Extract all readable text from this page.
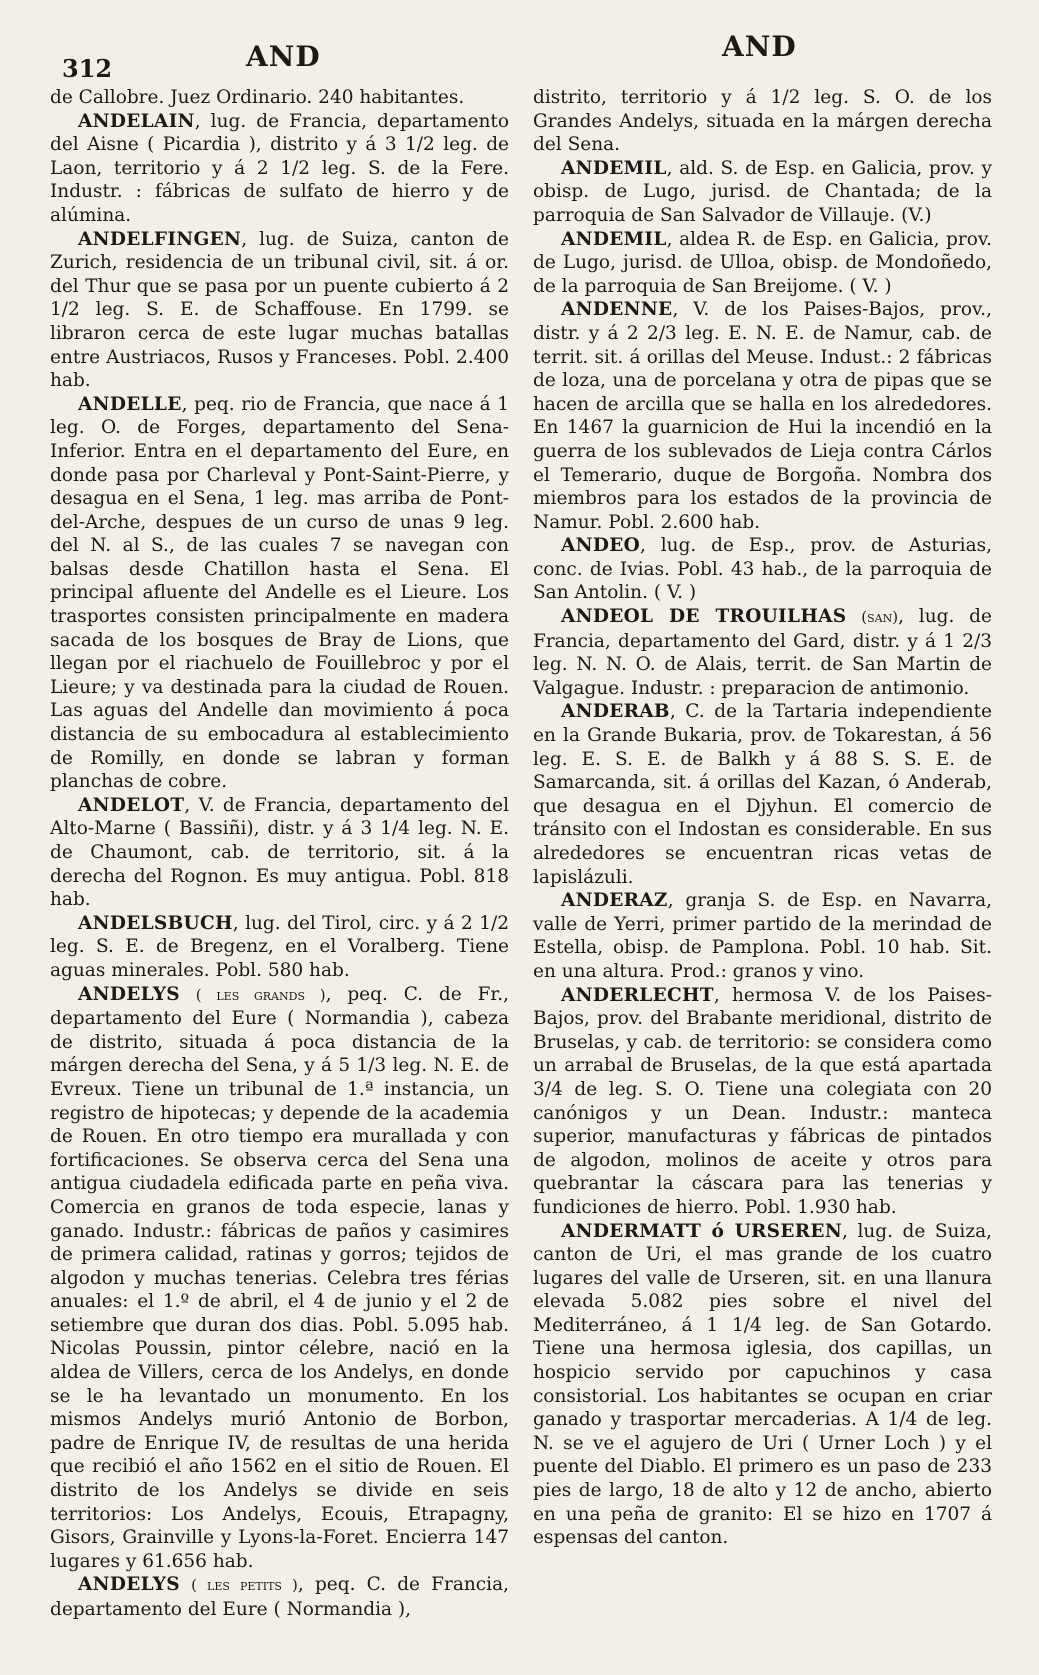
312	AND	AND

de Callobre. Juez Ordinario. 240 habitantes.

ANDELAIN, lug. de Francia, departamento del Aisne ( Picardia ), distrito y á 3 1/2 leg. de Laon, territorio y á 2 1/2 leg. S. de la Fere. Industr. : fábricas de sulfato de hierro y de alúmina.

ANDELFINGEN, lug. de Suiza, canton de Zurich, residencia de un tribunal civil, sit. á or. del Thur que se pasa por un puente cubierto á 2 1/2 leg. S. E. de Schaffouse. En 1799. se libraron cerca de este lugar muchas batallas entre Austriacos, Rusos y Franceses. Pobl. 2.400 hab.

ANDELLE, peq. rio de Francia, que nace á 1 leg. O. de Forges, departamento del Sena-Inferior. Entra en el departamento del Eure, en donde pasa por Charleval y Pont-Saint-Pierre, y desagua en el Sena, 1 leg. mas arriba de Pont-del-Arche, despues de un curso de unas 9 leg. del N. al S., de las cuales 7 se navegan con balsas desde Chatillon hasta el Sena. El principal afluente del Andelle es el Lieure. Los trasportes consisten principalmente en madera sacada de los bosques de Bray de Lions, que llegan por el riachuelo de Fouillebroc y por el Lieure; y va destinada para la ciudad de Rouen. Las aguas del Andelle dan movimiento á poca distancia de su embocadura al establecimiento de Romilly, en donde se labran y forman planchas de cobre.

ANDELOT, V. de Francia, departamento del Alto-Marne ( Bassiñi), distr. y á 3 1/4 leg. N. E. de Chaumont, cab. de territorio, sit. á la derecha del Rognon. Es muy antigua. Pobl. 818 hab.

ANDELSBUCH, lug. del Tirol, circ. y á 2 1/2 leg. S. E. de Bregenz, en el Voralberg. Tiene aguas minerales. Pobl. 580 hab.

ANDELYS ( les grands ), peq. C. de Fr., departamento del Eure ( Normandia ), cabeza de distrito, situada á poca distancia de la márgen derecha del Sena, y á 5 1/3 leg. N. E. de Evreux. Tiene un tribunal de 1.ª instancia, un registro de hipotecas; y depende de la academia de Rouen. En otro tiempo era murallada y con fortificaciones. Se observa cerca del Sena una antigua ciudadela edificada parte en peña viva. Comercia en granos de toda especie, lanas y ganado. Industr.: fábricas de paños y casimires de primera calidad, ratinas y gorros; tejidos de algodon y muchas tenerias. Celebra tres férias anuales: el 1.º de abril, el 4 de junio y el 2 de setiembre que duran dos dias. Pobl. 5.095 hab. Nicolas Poussin, pintor célebre, nació en la aldea de Villers, cerca de los Andelys, en donde se le ha levantado un monumento. En los mismos Andelys murió Antonio de Borbon, padre de Enrique IV, de resultas de una herida que recibió el año 1562 en el sitio de Rouen. El distrito de los Andelys se divide en seis territorios: Los Andelys, Ecouis, Etrapagny, Gisors, Grainville y Lyons-la-Foret. Encierra 147 lugares y 61.656 hab.

ANDELYS ( les petits ), peq. C. de Francia, departamento del Eure ( Normandia ),

distrito, territorio y á 1/2 leg. S. O. de los Grandes Andelys, situada en la márgen derecha del Sena.

ANDEMIL, ald. S. de Esp. en Galicia, prov. y obisp. de Lugo, jurisd. de Chantada; de la parroquia de San Salvador de Villauje. (V.)

ANDEMIL, aldea R. de Esp. en Galicia, prov. de Lugo, jurisd. de Ulloa, obisp. de Mondoñedo, de la parroquia de San Breijome. ( V. )

ANDENNE, V. de los Paises-Bajos, prov., distr. y á 2 2/3 leg. E. N. E. de Namur, cab. de territ. sit. á orillas del Meuse. Indust.: 2 fábricas de loza, una de porcelana y otra de pipas que se hacen de arcilla que se halla en los alrededores. En 1467 la guarnicion de Hui la incendió en la guerra de los sublevados de Lieja contra Cárlos el Temerario, duque de Borgoña. Nombra dos miembros para los estados de la provincia de Namur. Pobl. 2.600 hab.

ANDEO, lug. de Esp., prov. de Asturias, conc. de Ivias. Pobl. 43 hab., de la parroquia de San Antolin. ( V. )

ANDEOL DE TROUILHAS (san), lug. de Francia, departamento del Gard, distr. y á 1 2/3 leg. N. N. O. de Alais, territ. de San Martin de Valgague. Industr. : preparacion de antimonio.

ANDERAB, C. de la Tartaria independiente en la Grande Bukaria, prov. de Tokarestan, á 56 leg. E. S. E. de Balkh y á 88 S. S. E. de Samarcanda, sit. á orillas del Kazan, ó Anderab, que desagua en el Djyhun. El comercio de tránsito con el Indostan es considerable. En sus alrededores se encuentran ricas vetas de lapislázuli.

ANDERAZ, granja S. de Esp. en Navarra, valle de Yerri, primer partido de la merindad de Estella, obisp. de Pamplona. Pobl. 10 hab. Sit. en una altura. Prod.: granos y vino.

ANDERLECHT, hermosa V. de los Paises-Bajos, prov. del Brabante meridional, distrito de Bruselas, y cab. de territorio: se considera como un arrabal de Bruselas, de la que está apartada 3/4 de leg. S. O. Tiene una colegiata con 20 canónigos y un Dean. Industr.: manteca superior, manufacturas y fábricas de pintados de algodon, molinos de aceite y otros para quebrantar la cáscara para las tenerias y fundiciones de hierro. Pobl. 1.930 hab.

ANDERMATT ó URSEREN, lug. de Suiza, canton de Uri, el mas grande de los cuatro lugares del valle de Urseren, sit. en una llanura elevada 5.082 pies sobre el nivel del Mediterráneo, á 1 1/4 leg. de San Gotardo. Tiene una hermosa iglesia, dos capillas, un hospicio servido por capuchinos y casa consistorial. Los habitantes se ocupan en criar ganado y trasportar mercaderias. A 1/4 de leg. N. se ve el agujero de Uri ( Urner Loch ) y el puente del Diablo. El primero es un paso de 233 pies de largo, 18 de alto y 12 de ancho, abierto en una peña de granito: El se hizo en 1707 á espensas del canton.
